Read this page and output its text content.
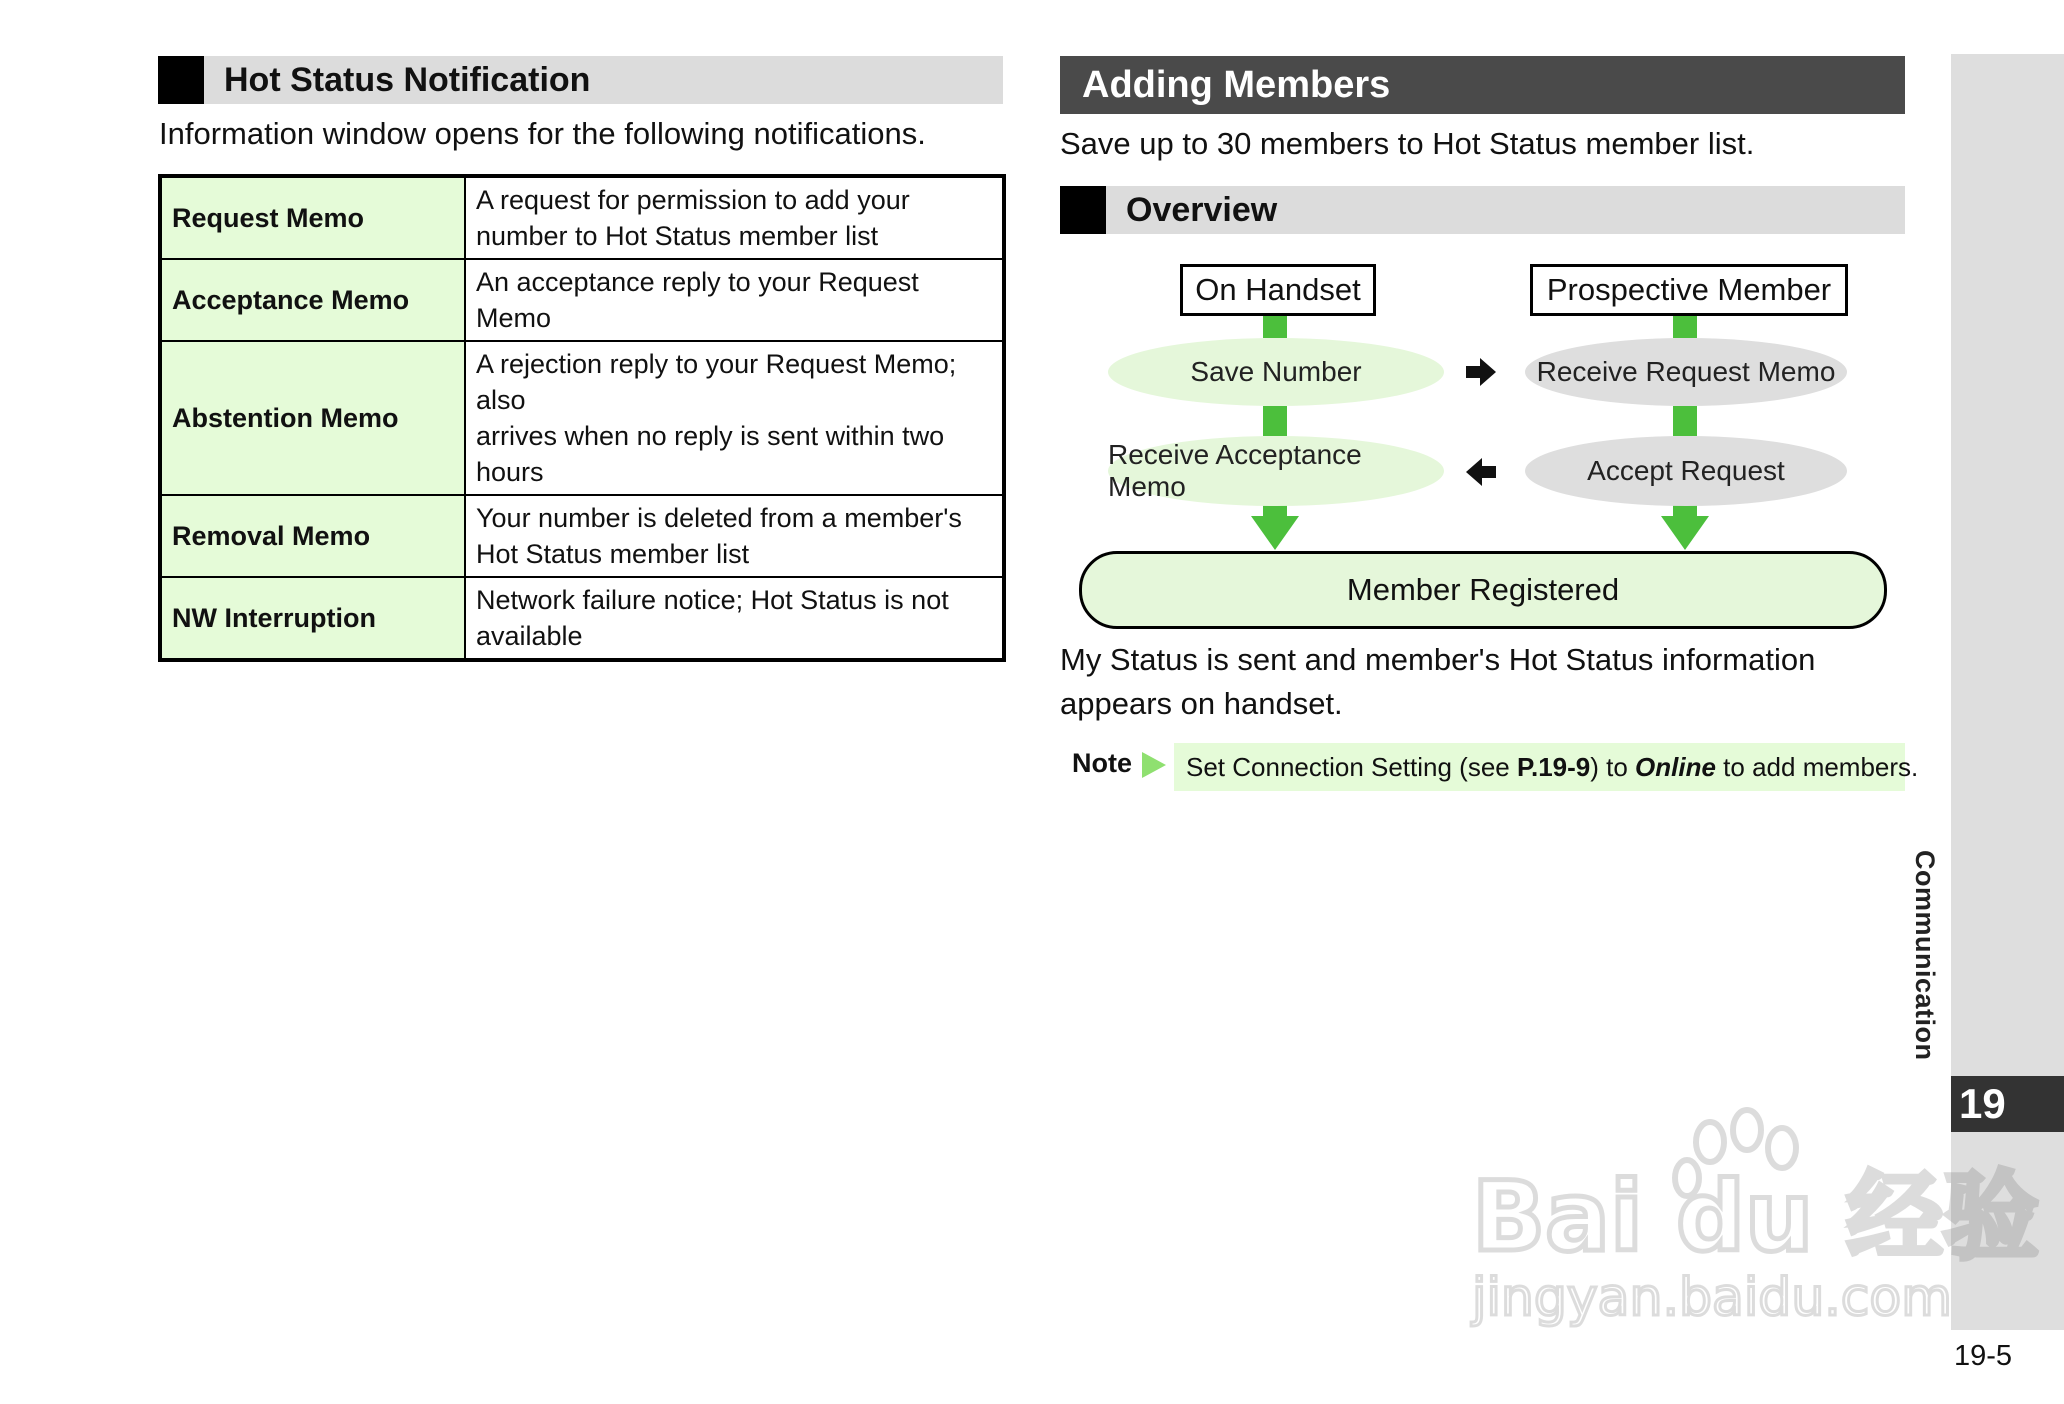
Hot Status Notification
Information window opens for the following notifications.
Request Memo	A request for permission to add your
number to Hot Status member list

Acceptance Memo	An acceptance reply to your Request Memo

Abstention Memo	A rejection reply to your Request Memo; also
arrives when no reply is sent within two hours

Removal Memo	Your number is deleted from a member's
Hot Status member list

NW Interruption	Network failure notice; Hot Status is not
available
Adding Members
Save up to 30 members to Hot Status member list.
Overview
On Handset	Prospective Member
Save Number	Receive Request Memo
Receive Acceptance Memo
Accept Request
Member Registered
My Status is sent and member's Hot Status information
appears on handset.
Note	Set Connection Setting (see P.19-9) to Online to add members.
Communication
19
Bai du 经验
jingyan.baidu.com
19-5
